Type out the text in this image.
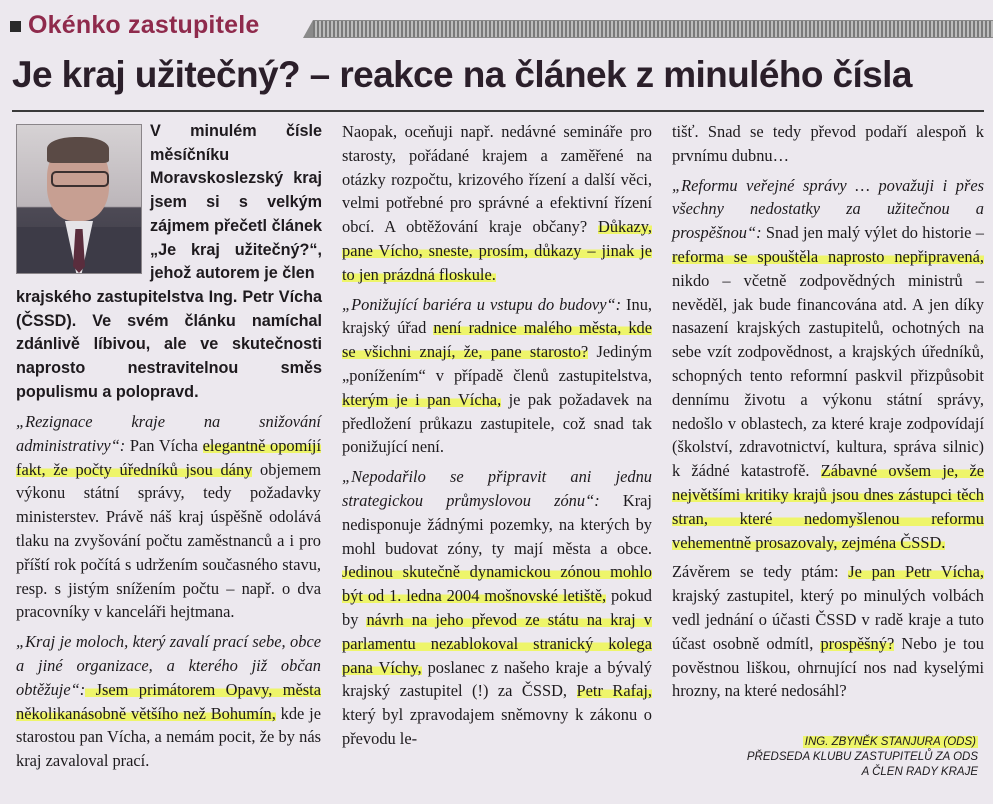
Okénko zastupitele
Je kraj užitečný? – reakce na článek z minulého čísla
V minulém čísle měsíčníku Moravskoslezský kraj jsem si s velkým zájmem přečetl článek „Je kraj užitečný?“, jehož autorem je člen
krajského zastupitelstva Ing. Petr Vícha (ČSSD). Ve svém článku namíchal zdánlivě líbivou, ale ve skutečnosti naprosto nestravitelnou směs populismu a polopravd.

„Rezignace kraje na snižování administrativy“: Pan Vícha elegantně opomíjí fakt, že počty úředníků jsou dány objemem výkonu státní správy, tedy požadavky ministerstev. Právě náš kraj úspěšně odolává tlaku na zvyšování počtu zaměstnanců a i pro příští rok počítá s udržením současného stavu, resp. s jistým snížením počtu – např. o dva pracovníky v kanceláři hejtmana.

„Kraj je moloch, který zavalí prací sebe, obce a jiné organizace, a kterého již občan obtěžuje“: Jsem primátorem Opavy, města několikanásobně většího než Bohumín, kde je starostou pan Vícha, a nemám pocit, že by nás kraj zavaloval prací.

Naopak, oceňuji např. nedávné semináře pro starosty, pořádané krajem a zaměřené na otázky rozpočtu, krizového řízení a další věci, velmi potřebné pro správné a efektivní řízení obcí. A obtěžování kraje občany? Důkazy, pane Vícho, sneste, prosím, důkazy – jinak je to jen prázdná floskule.

„Ponižující bariéra u vstupu do budovy“: Inu, krajský úřad není radnice malého města, kde se všichni znají, že, pane starosto? Jediným „ponížením“ v případě členů zastupitelstva, kterým je i pan Vícha, je pak požadavek na předložení průkazu zastupitele, což snad tak ponižující není.

„Nepodařilo se připravit ani jednu strategickou průmyslovou zónu“: Kraj nedisponuje žádnými pozemky, na kterých by mohl budovat zóny, ty mají města a obce. Jedinou skutečně dynamickou zónou mohlo být od 1. ledna 2004 mošnovské letiště, pokud by návrh na jeho převod ze státu na kraj v parlamentu nezablokoval stranický kolega pana Víchy, poslanec z našeho kraje a bývalý krajský zastupitel (!) za ČSSD, Petr Rafaj, který byl zpravodajem sněmovny k zákonu o převodu le-

tišť. Snad se tedy převod podaří alespoň k prvnímu dubnu…

„Reformu veřejné správy … považuji i přes všechny nedostatky za užitečnou a prospěšnou“: Snad jen malý výlet do historie – reforma se spouštěla naprosto nepřipravená, nikdo – včetně zodpovědných ministrů – nevěděl, jak bude financována atd. A jen díky nasazení krajských zastupitelů, ochotných na sebe vzít zodpovědnost, a krajských úředníků, schopných tento reformní paskvil přizpůsobit dennímu životu a výkonu státní správy, nedošlo v oblastech, za které kraje zodpovídají (školství, zdravotnictví, kultura, správa silnic) k žádné katastrofě. Zábavné ovšem je, že největšími kritiky krajů jsou dnes zástupci těch stran, které nedomyšlenou reformu vehementně prosazovaly, zejména ČSSD.

Závěrem se tedy ptám: Je pan Petr Vícha, krajský zastupitel, který po minulých volbách vedl jednání o účasti ČSSD v radě kraje a tuto účast osobně odmítl, prospěšný? Nebo je tou pověstnou liškou, ohrnující nos nad kyselými hrozny, na které nedosáhl?

ING. ZBYNĚK STANJURA (ODS)
PŘEDSEDA KLUBU ZASTUPITELŮ ZA ODS
A ČLEN RADY KRAJE
